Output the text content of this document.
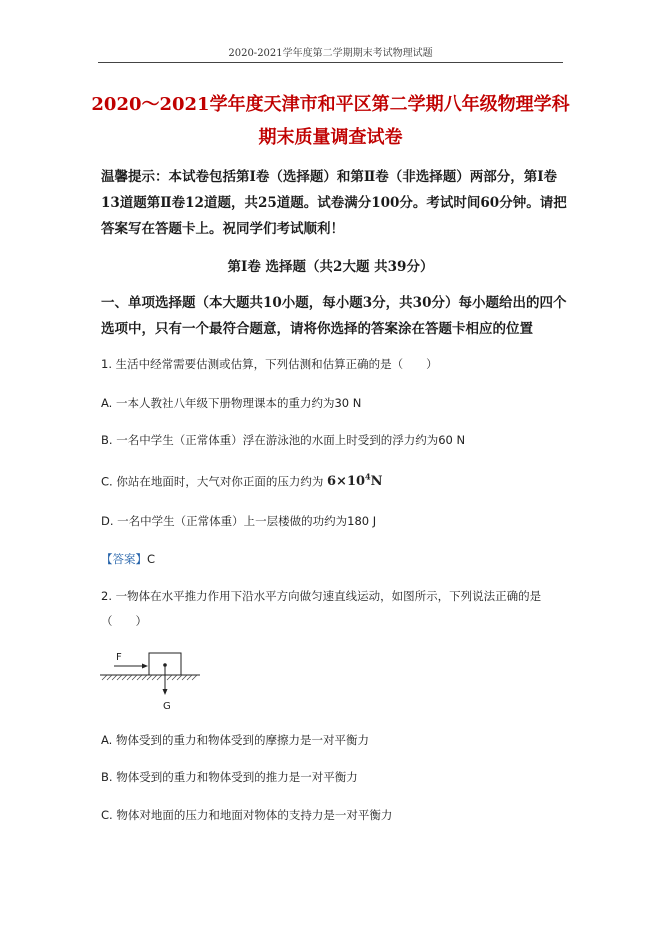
2020-2021学年度第二学期期末考试物理试题
2020～2021学年度天津市和平区第二学期八年级物理学科
期末质量调查试卷
温馨提示：本试卷包括第Ⅰ卷（选择题）和第Ⅱ卷（非选择题）两部分，第Ⅰ卷13道题第Ⅱ卷12道题，共25道题。试卷满分100分。考试时间60分钟。请把答案写在答题卡上。祝同学们考试顺利！
第Ⅰ卷 选择题（共2大题 共39分）
一、单项选择题（本大题共10小题，每小题3分，共30分）每小题给出的四个选项中，只有一个最符合题意，请将你选择的答案涂在答题卡相应的位置
1. 生活中经常需要估测或估算，下列估测和估算正确的是（　　）
A. 一本人教社八年级下册物理课本的重力约为30 N
B. 一名中学生（正常体重）浮在游泳池的水面上时受到的浮力约为60 N
C. 你站在地面时，大气对你正面的压力约为 $6\times 10^4N$
D. 一名中学生（正常体重）上一层楼做的功约为180 J
【答案】C
2. 一物体在水平推力作用下沿水平方向做匀速直线运动，如图所示，下列说法正确的是
（　　）
F
G
A. 物体受到的重力和物体受到的摩擦力是一对平衡力
B. 物体受到的重力和物体受到的推力是一对平衡力
C. 物体对地面的压力和地面对物体的支持力是一对平衡力
